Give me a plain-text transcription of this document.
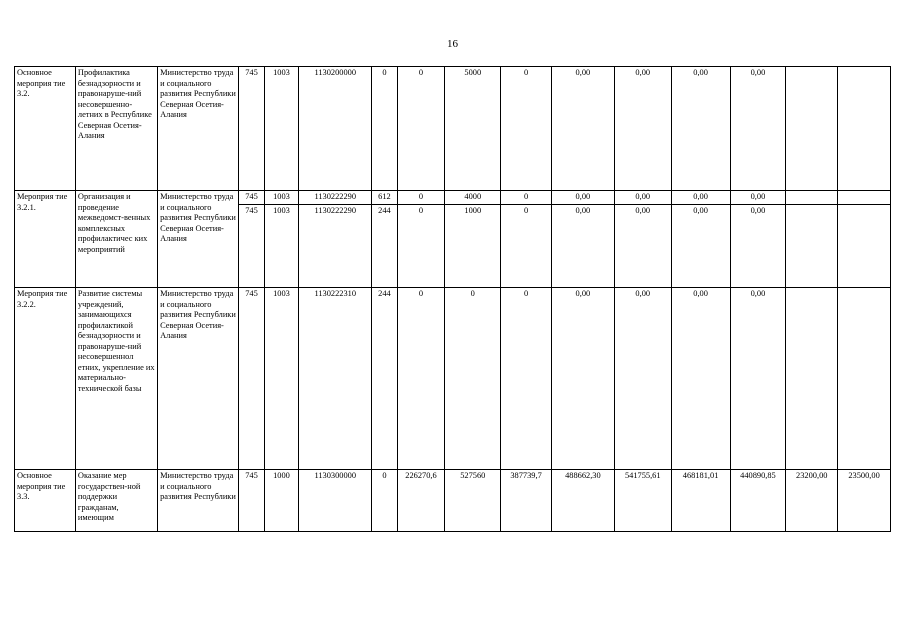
16
Основное мероприя тие 3.2.	Профилактика безнадзорности и правонаруше-ний несовершенно-летних в Республике Северная Осетия-Алания	Министерство труда и социального развития Республики Северная Осетия-Алания	745	1003	1130200000	0	0	5000	0	0,00	0,00	0,00	0,00		
Мероприя тие 3.2.1.	Организация и проведение межведомст-венных комплексных профилактичес ких мероприятий	Министерство труда и социального развития Республики Северная Осетия-Алания	745	1003	1130222290	612	0	4000	0	0,00	0,00	0,00	0,00		
			745	1003	1130222290	244	0	1000	0	0,00	0,00	0,00	0,00		
Мероприя тие 3.2.2.	Развитие системы учреждений, занимающихся профилактикой безнадзорности и правонаруше-ний несовершеннол етних, укрепление их материально-технической базы	Министерство труда и социального развития Республики Северная Осетия-Алания	745	1003	1130222310	244	0	0	0	0,00	0,00	0,00	0,00		
Основное мероприя тие 3.3.	Оказание мер государствен-ной поддержки гражданам, имеющим	Министерство труда и социального развития Республики	745	1000	1130300000	0	226270,6	527560	387739,7	488662,30	541755,61	468181,01	440890,85	23200,00	23500,00
